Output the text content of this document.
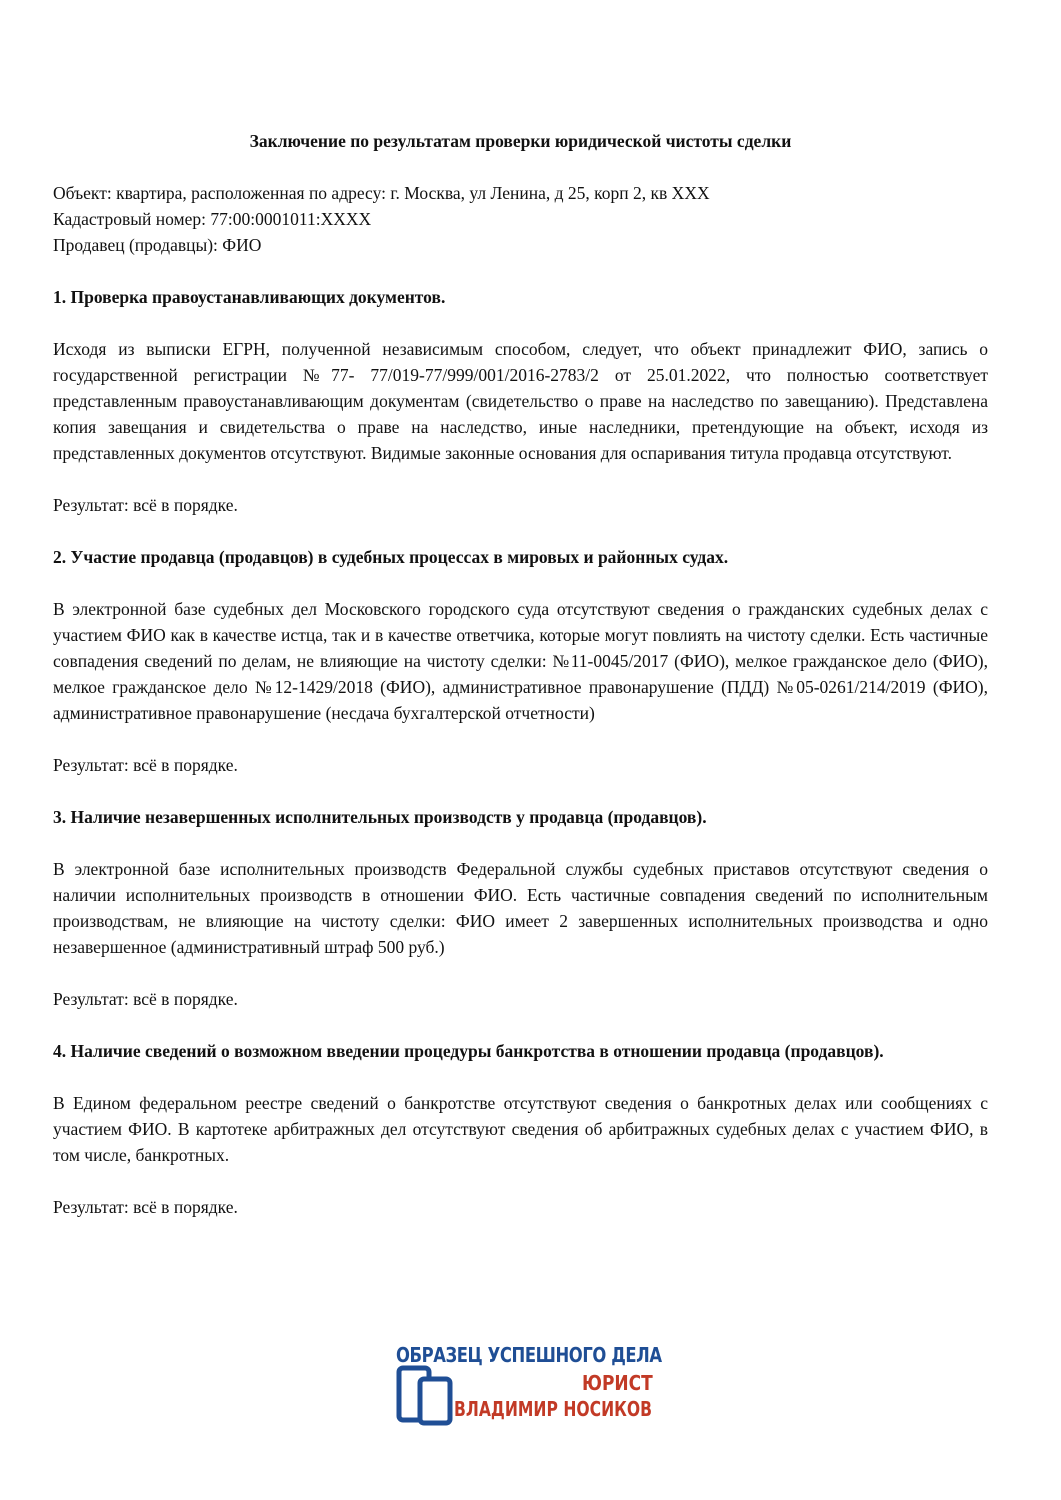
Заключение по результатам проверки юридической чистоты сделки

Объект: квартира, расположенная по адресу: г. Москва, ул Ленина, д 25, корп 2, кв XXX

Кадастровый номер: 77:00:0001011:XXXX

Продавец (продавцы): ФИО

1. Проверка правоустанавливающих документов.

Исходя из выписки ЕГРН, полученной независимым способом, следует, что объект принадлежит ФИО, запись о государственной регистрации №77- 77/019-77/999/001/2016-2783/2 от 25.01.2022, что полностью соответствует представленным правоустанавливающим документам (свидетельство о праве на наследство по завещанию). Представлена копия завещания и свидетельства о праве на наследство, иные наследники, претендующие на объект, исходя из представленных документов отсутствуют. Видимые законные основания для оспаривания титула продавца отсутствуют.

Результат: всё в порядке.

2. Участие продавца (продавцов) в судебных процессах в мировых и районных судах.

В электронной базе судебных дел Московского городского суда отсутствуют сведения о гражданских судебных делах с участием ФИО как в качестве истца, так и в качестве ответчика, которые могут повлиять на чистоту сделки. Есть частичные совпадения сведений по делам, не влияющие на чистоту сделки: №11-0045/2017 (ФИО), мелкое гражданское дело (ФИО), мелкое гражданское дело №12-1429/2018 (ФИО), административное правонарушение (ПДД) №05-0261/214/2019 (ФИО), административное правонарушение (несдача бухгалтерской отчетности)

Результат: всё в порядке.

3. Наличие незавершенных исполнительных производств у продавца (продавцов).

В электронной базе исполнительных производств Федеральной службы судебных приставов отсутствуют сведения о наличии исполнительных производств в отношении ФИО. Есть частичные совпадения сведений по исполнительным производствам, не влияющие на чистоту сделки: ФИО имеет 2 завершенных исполнительных производства и одно незавершенное (административный штраф 500 руб.)

Результат: всё в порядке.

4. Наличие сведений о возможном введении процедуры банкротства в отношении продавца (продавцов).

В Едином федеральном реестре сведений о банкротстве отсутствуют сведения о банкротных делах или сообщениях с участием ФИО. В картотеке арбитражных дел отсутствуют сведения об арбитражных судебных делах с участием ФИО, в том числе, банкротных.

Результат: всё в порядке.

ОБРАЗЕЦ УСПЕШНОГО ДЕЛА
ЮРИСТ
ВЛАДИМИР НОСИКОВ
